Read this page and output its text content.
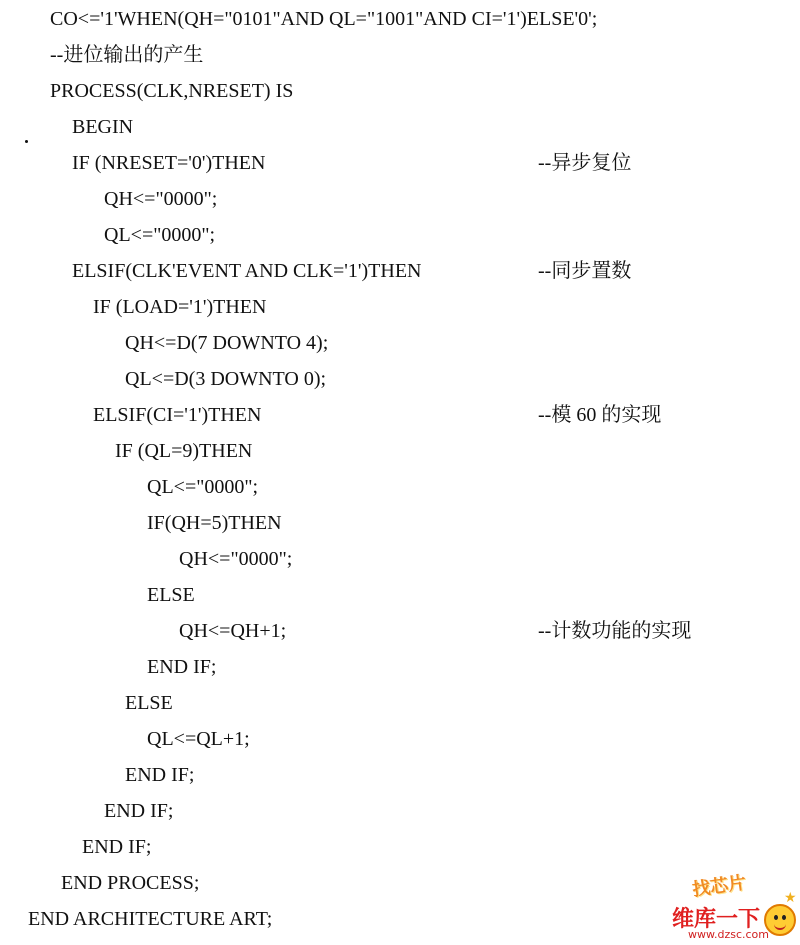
CO<='1'WHEN(QH="0101"AND QL="1001"AND CI='1')ELSE'0';
--进位输出的产生
PROCESS(CLK,NRESET) IS
BEGIN
IF (NRESET='0')THEN
QH<="0000";
QL<="0000";
ELSIF(CLK'EVENT AND CLK='1')THEN
IF (LOAD='1')THEN
QH<=D(7 DOWNTO 4);
QL<=D(3 DOWNTO 0);
ELSIF(CI='1')THEN
IF (QL=9)THEN
QL<="0000";
IF(QH=5)THEN
QH<="0000";
ELSE
QH<=QH+1;
END IF;
ELSE
QL<=QL+1;
END IF;
END IF;
END IF;
END PROCESS;
END ARCHITECTURE ART;
--异步复位
--同步置数
--模 60 的实现
--计数功能的实现
找芯片	★
维库一下
www.dzsc.com
